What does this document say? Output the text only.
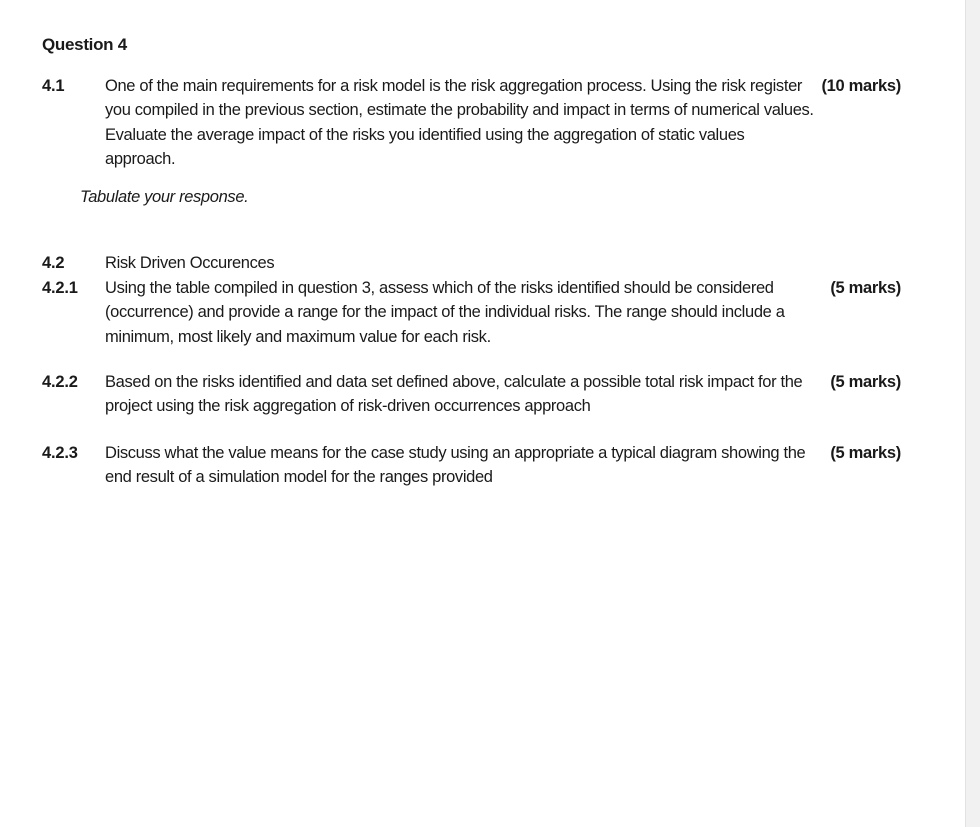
Question 4
4.1 One of the main requirements for a risk model is the risk aggregation process. Using the risk register you compiled in the previous section, estimate the probability and impact in terms of numerical values. Evaluate the average impact of the risks you identified using the aggregation of static values approach.
(10 marks)
Tabulate your response.
4.2 Risk Driven Occurences
4.2.1 Using the table compiled in question 3, assess which of the risks identified should be considered (occurrence) and provide a range for the impact of the individual risks. The range should include a minimum, most likely and maximum value for each risk.
(5 marks)
4.2.2 Based on the risks identified and data set defined above, calculate a possible total risk impact for the project using the risk aggregation of risk-driven occurrences approach
(5 marks)
4.2.3 Discuss what the value means for the case study using an appropriate a typical diagram showing the end result of a simulation model for the ranges provided
(5 marks)
